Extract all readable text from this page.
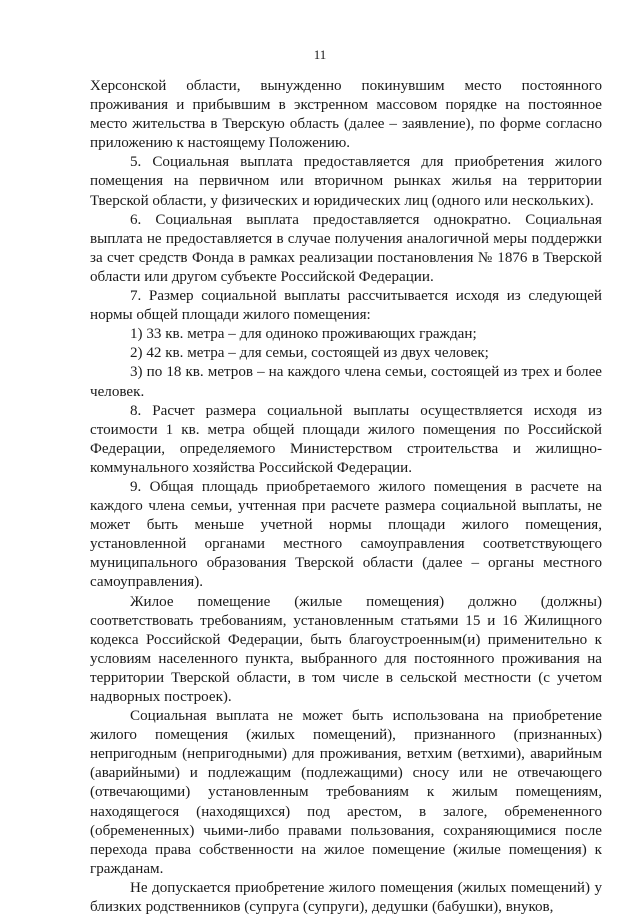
11

Херсонской области, вынужденно покинувшим место постоянного проживания и прибывшим в экстренном массовом порядке на постоянное место жительства в Тверскую область (далее – заявление), по форме согласно приложению к настоящему Положению.

5. Социальная выплата предоставляется для приобретения жилого помещения на первичном или вторичном рынках жилья на территории Тверской области, у физических и юридических лиц (одного или нескольких).

6. Социальная выплата предоставляется однократно. Социальная выплата не предоставляется в случае получения аналогичной меры поддержки за счет средств Фонда в рамках реализации постановления № 1876 в Тверской области или другом субъекте Российской Федерации.

7. Размер социальной выплаты рассчитывается исходя из следующей нормы общей площади жилого помещения:

1) 33 кв. метра – для одиноко проживающих граждан;

2) 42 кв. метра – для семьи, состоящей из двух человек;

3) по 18 кв. метров – на каждого члена семьи, состоящей из трех и более человек.

8. Расчет размера социальной выплаты осуществляется исходя из стоимости 1 кв. метра общей площади жилого помещения по Российской Федерации, определяемого Министерством строительства и жилищно-коммунального хозяйства Российской Федерации.

9. Общая площадь приобретаемого жилого помещения в расчете на каждого члена семьи, учтенная при расчете размера социальной выплаты, не может быть меньше учетной нормы площади жилого помещения, установленной органами местного самоуправления соответствующего муниципального образования Тверской области (далее – органы местного самоуправления).

Жилое помещение (жилые помещения) должно (должны) соответствовать требованиям, установленным статьями 15 и 16 Жилищного кодекса Российской Федерации, быть благоустроенным(и) применительно к условиям населенного пункта, выбранного для постоянного проживания на территории Тверской области, в том числе в сельской местности (с учетом надворных построек).

Социальная выплата не может быть использована на приобретение жилого помещения (жилых помещений), признанного (признанных) непригодным (непригодными) для проживания, ветхим (ветхими), аварийным (аварийными) и подлежащим (подлежащими) сносу или не отвечающего (отвечающими) установленным требованиям к жилым помещениям, находящегося (находящихся) под арестом, в залоге, обремененного (обремененных) чьими-либо правами пользования, сохраняющимися после перехода права собственности на жилое помещение (жилые помещения) к гражданам.

Не допускается приобретение жилого помещения (жилых помещений) у близких родственников (супруга (супруги), дедушки (бабушки), внуков,
